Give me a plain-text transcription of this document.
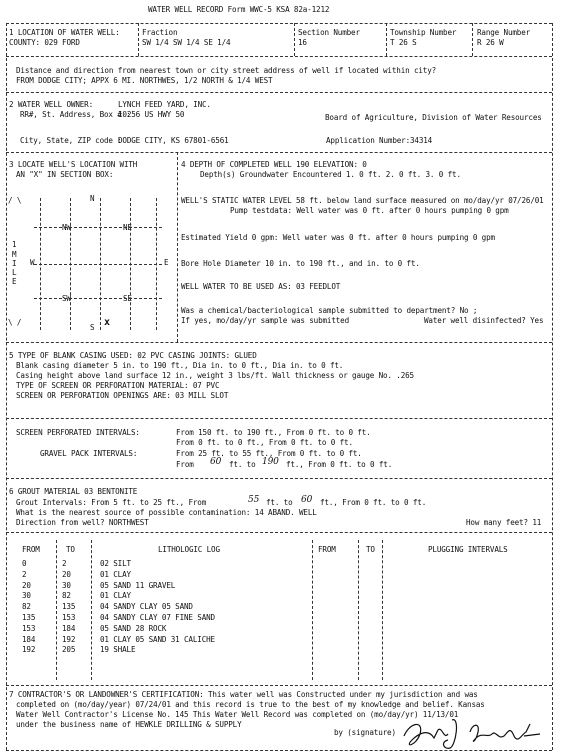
WATER WELL RECORD Form WWC-5 KSA 82a-1212
1 LOCATION OF WATER WELL:
COUNTY: 029 FORD
Fraction
SW 1/4 SW 1/4 SE 1/4
Section Number
16
Township Number
T 26 S
Range Number
R 26 W
Distance and direction from nearest town or city street address of well if located within city?
FROM DODGE CITY; APPX 6 MI. NORTHWES, 1/2 NORTH & 1/4 WEST
2 WATER WELL OWNER:	LYNCH FEED YARD, INC.
RR#, St. Address, Box # :
10256 US HWY 50	Board of Agriculture, Division of Water Resources
City, State, ZIP code :
DODGE CITY, KS 67801-6561	Application Number: 34314
3 LOCATE WELL'S LOCATION WITH
AN "X" IN SECTION BOX:
/ \
1
M
I
L
E
\ /
N
W	E
S
NW	NE
SW	SE
x
4 DEPTH OF COMPLETED WELL 190 ELEVATION: 0
Depth(s) Groundwater Encountered 1. 0 ft. 2. 0 ft. 3. 0 ft.
WELL'S STATIC WATER LEVEL 58 ft. below land surface measured on mo/day/yr 07/26/01
Pump testdata: Well water was 0 ft. after 0 hours pumping 0 gpm
Estimated Yield 0 gpm: Well water was 0 ft. after 0 hours pumping 0 gpm
Bore Hole Diameter 10 in. to 190 ft., and in. to 0 ft.
WELL WATER TO BE USED AS: 03 FEEDLOT
Was a chemical/bacteriological sample submitted to department? No ;
If yes, mo/day/yr sample was submitted	Water well disinfected? Yes
5 TYPE OF BLANK CASING USED: 02 PVC CASING JOINTS: GLUED
Blank casing diameter 5 in. to 190 ft., Dia in. to 0 ft., Dia in. to 0 ft.
Casing height above land surface 12 in., weight 3 lbs/ft. Wall thickness or gauge No. .265
TYPE OF SCREEN OR PERFORATION MATERIAL: 07 PVC
SCREEN OR PERFORATION OPENINGS ARE: 03 MILL SLOT
SCREEN PERFORATED INTERVALS:	From 150 ft. to 190 ft., From 0 ft. to 0 ft.
From 0 ft. to 0 ft., From 0 ft. to 0 ft.
GRAVEL PACK INTERVALS:	From 25 ft. to 55 ft., From 0 ft. to 0 ft.
From 60 ft. to 190 ft., From 0 ft. to 0 ft.
6 GROUT MATERIAL 03 BENTONITE
Grout Intervals: From 5 ft. to 25 ft., From	55 ft. to 60 ft., From 0 ft. to 0 ft.
What is the nearest source of possible contamination: 14 ABAND. WELL
Direction from well? NORTHWEST	How many feet? 11
FROM	TO	LITHOLOGIC LOG	FROM	TO	PLUGGING INTERVALS
0	2	02 SILT
2	20	01 CLAY
20	30	05 SAND 11 GRAVEL
30	82	01 CLAY
82	135	04 SANDY CLAY 05 SAND
135	153	04 SANDY CLAY 07 FINE SAND
153	184	05 SAND 28 ROCK
184	192	01 CLAY 05 SAND 31 CALICHE
192	205	19 SHALE
7 CONTRACTOR'S OR LANDOWNER'S CERTIFICATION: This water well was Constructed under my jurisdiction and was
completed on (mo/day/year) 07/24/01 and this record is true to the best of my knowledge and belief. Kansas
Water Well Contractor's License No. 145 This Water Well Record was completed on (mo/day/yr) 11/13/01
under the business name of HEWKLE DRILLING & SUPPLY
by (signature)
